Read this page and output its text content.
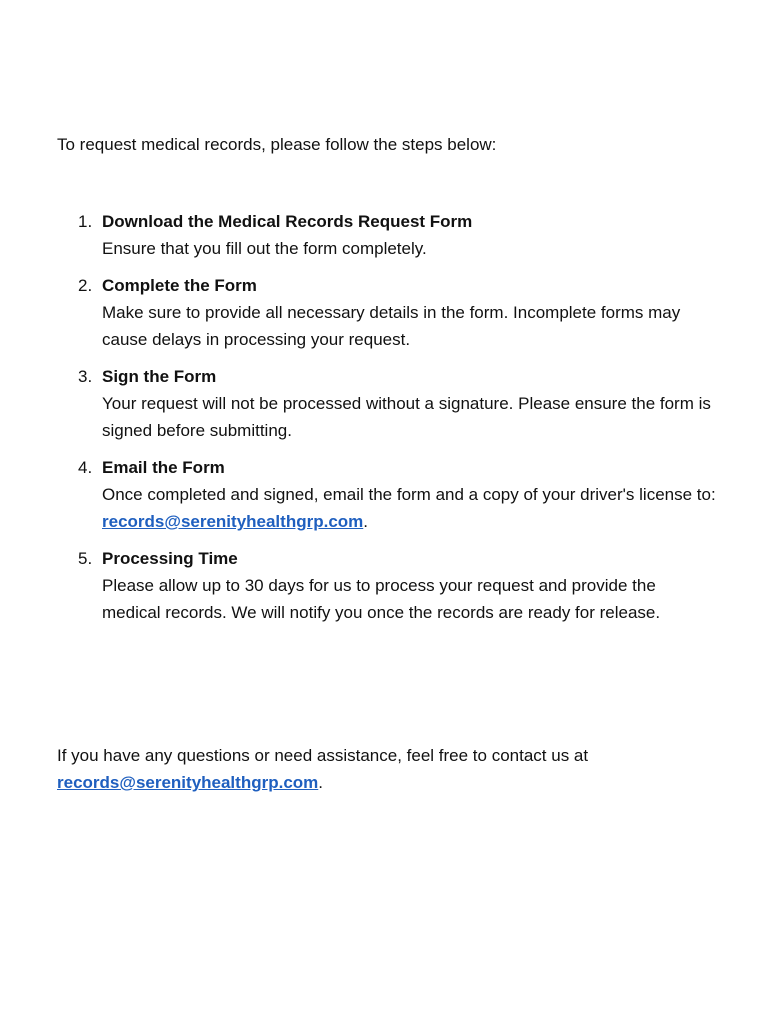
To request medical records, please follow the steps below:

1. Download the Medical Records Request Form
Ensure that you fill out the form completely.
2. Complete the Form
Make sure to provide all necessary details in the form. Incomplete forms may cause delays in processing your request.
3. Sign the Form
Your request will not be processed without a signature. Please ensure the form is signed before submitting.
4. Email the Form
Once completed and signed, email the form and a copy of your driver's license to: records@serenityhealthgrp.com.
5. Processing Time
Please allow up to 30 days for us to process your request and provide the medical records. We will notify you once the records are ready for release.

If you have any questions or need assistance, feel free to contact us at records@serenityhealthgrp.com.
